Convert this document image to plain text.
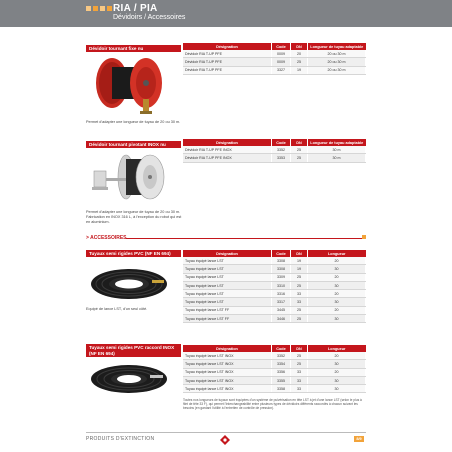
RIA / PIA
Dévidoirs / Accessoires
Dévidoir tournant fixe nu
Permet d'adapter une longueur de tuyau de 20 ou 30 m.
Désignation	Code	DN	Longueur de tuyau adaptable
Dévidoir RIA T-UP PFE	0009	20	20 ou 30 m
Dévidoir RIA T-UP PFE	0009	25	20 ou 30 m
Dévidoir RIA T-UP PFE	3327	19	20 ou 30 m
Dévidoir tournant pivotant INOX nu
Permet d'adapter une longueur de tuyau de 20 ou 30 m. Fabrication en INOX 316 L, à l'exception du robot qui est en aluminium.
Désignation	Code	DN	Longueur de tuyau adaptable
Dévidoir RIA T-UP PFE INOX	3352	25	30 m
Dévidoir RIA T-UP PFE INOX	3353	25	30 m
> ACCESSOIRES
Tuyaux semi rigides PVC (NF EN 694)
Equipé de lance LST, d'un seul côté.
Désignation	Code	DN	Longueur
Tuyau équipé lance LST	3308	19	20
Tuyau équipé lance LST	3308	19	30
Tuyau équipé lance LST	3309	25	20
Tuyau équipé lance LST	3310	25	30
Tuyau équipé lance LST	3316	33	20
Tuyau équipé lance LST	3317	33	30
Tuyau équipé lance LST FF	3445	25	20
Tuyau équipé lance LST FF	3446	25	30
Tuyaux semi rigides PVC raccord INOX (NF EN 694)
Désignation	Code	DN	Longueur
Tuyau équipé lance LST INOX	3352	25	20
Tuyau équipé lance LST INOX	3354	25	30
Tuyau équipé lance LST INOX	3356	33	20
Tuyau équipé lance LST INOX	3355	33	30
Tuyau équipé lance LST INOX	3358	33	30
Toutes nos longueurs de tuyaux sont équipées d'un système de pulvérisation en tête LST à jet d'une lance LST (selon le plus à filet de tête 33 F), qui permet l'interchangeabilité entre plusieurs types de dévidoirs différents raccordés à chacun suivant les besoins (en gardant l'utilité à l'entretien de contrôle de pression).
PRODUITS D'EXTINCTION	8/9
